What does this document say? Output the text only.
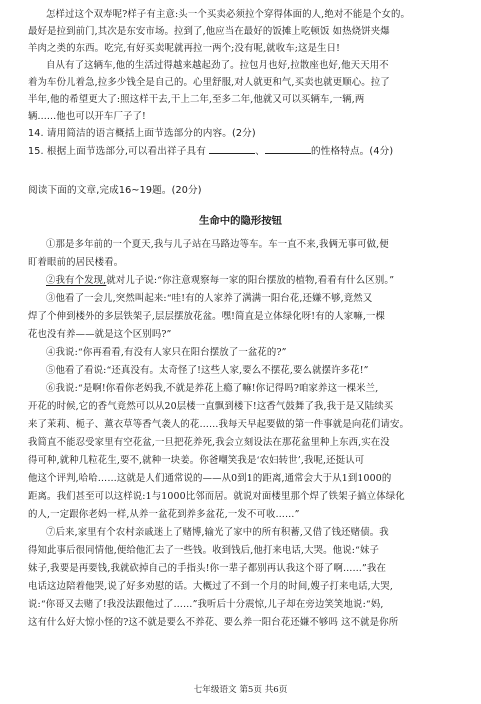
怎样过这个双寿呢?样子有主意:头一个买卖必须拉个穿得体面的人,绝对不能是个女的。
最好是拉到前门,其次是东安市场。拉到了,他应当在最好的饭摊上吃顿饭 如热烧饼夹爆
羊肉之类的东西。吃完,有好买卖呢就再拉一两个;没有呢,就收车;这是生日!
自从有了这辆车,他的生活过得越来越起劲了。拉包月也好,拉散座也好,他天天用不
着为车份儿着急,拉多少钱全是自己的。心里舒服,对人就更和气,买卖也就更顺心。拉了
半年,他的希望更大了:照这样干去,干上二年,至多二年,他就又可以买辆车,一辆,两
辆......他也可以开车厂子了!
14. 请用简洁的语言概括上面节选部分的内容。(2分)
15. 根据上面节选部分,可以看出祥子具有	、	的性格特点。(4分)
阅读下面的文章,完成16~19题。(20分)
生命中的隐形按钮
①那是多年前的一个夏天,我与儿子站在马路边等车。车一直不来,我俩无事可做,便
盯着眼前的居民楼看。
②我有个发现,就对儿子说:“你注意观察每一家的阳台摆放的植物,看看有什么区别。”
③他看了一会儿,突然叫起来:“哇!有的人家养了满满一阳台花,还嫌不够,竟然又
焊了个伸到楼外的多层铁架子,层层摆放花盆。嘿!简直是立体绿化呀!有的人家嘛,一棵
花也没有养——就是这个区别吗?”
④我说:“你再看看,有没有人家只在阳台摆放了一盆花的?”
⑤他看了看说:“还真没有。太奇怪了!这些人家,要么不摆花,要么就摆许多花!”
⑥我说:“是啊!你看你老妈我,不就是养花上瘾了嘛!你记得吗?咱家养这一棵米兰,
开花的时候,它的香气竟然可以从20层楼一直飘到楼下!这香气鼓舞了我,我于是又陆续买
来了茉莉、栀子、薰衣草等香气袭人的花……我每天早起要做的第一件事就是向花们请安。
我简直不能忍受家里有空花盆,一旦把花养死,我会立刻设法在那花盆里种上东西,实在没
得可种,就种几粒花生,要不,就种一块姜。你爸嘲笑我是‘农妇转世’,我呢,还挺认可
他这个评判,哈哈……这就是人们通常说的——从0到1的距离,通常会大于从1到1000的
距离。我们甚至可以这样说:1与1000比邻而居。就说对面楼里那个焊了铁架子搞立体绿化
的人,一定跟你老妈一样,从养一盆花到养多盆花,一发不可收……”
⑦后来,家里有个农村亲戚迷上了赌博,输光了家中的所有积蓄,又借了钱还赌债。我
得知此事后很同情他,便给他汇去了一些钱。收到钱后,他打来电话,大哭。他说:“妹子
妹子,我要是再要钱,我就砍掉自己的手指头!你一辈子都别再认我这个哥了啊……”我在
电话这边陪着他哭,说了好多劝慰的话。大概过了不到一个月的时间,嫂子打来电话,大哭,
说:“你哥又去赌了!我没法跟他过了……”我听后十分震惊,儿子却在旁边笑笑地说:“妈,
这有什么好大惊小怪的?这不就是要么不养花、要么养一阳台花还嫌不够吗 这不就是你所
七年级语文 第5页 共6页
